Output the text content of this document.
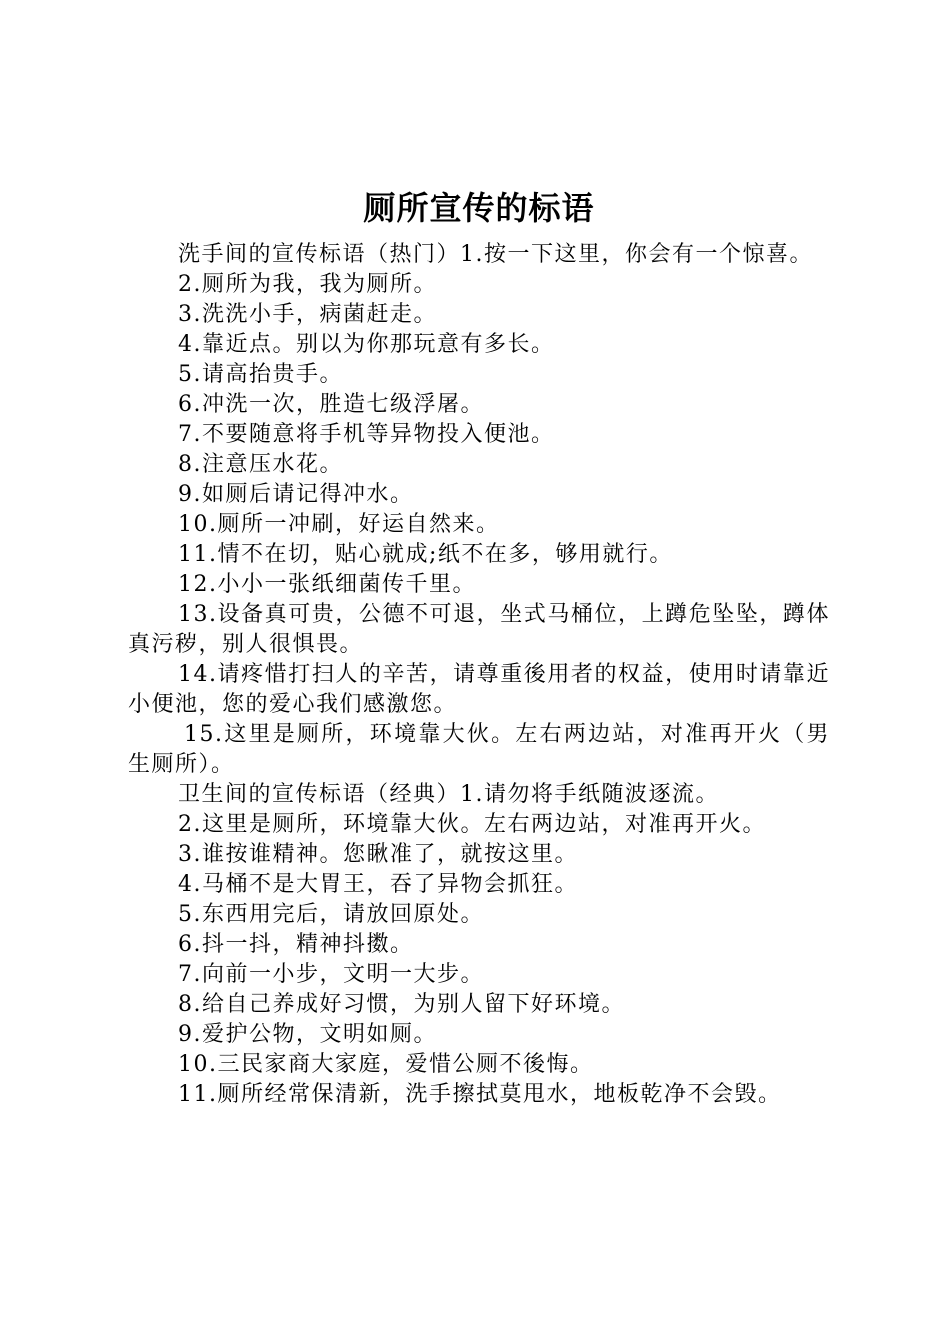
厕所宣传的标语

洗手间的宣传标语（热门）1.按一下这里，你会有一个惊喜。

2.厕所为我，我为厕所。

3.洗洗小手，病菌赶走。

4.靠近点。别以为你那玩意有多长。

5.请高抬贵手。

6.冲洗一次，胜造七级浮屠。

7.不要随意将手机等异物投入便池。

8.注意压水花。

9.如厕后请记得冲水。

10.厕所一冲刷，好运自然来。

11.情不在切，贴心就成;纸不在多，够用就行。

12.小小一张纸细菌传千里。

13.设备真可贵，公德不可退，坐式马桶位，上蹲危坠坠，蹲体真污秽，别人很惧畏。

14.请疼惜打扫人的辛苦，请尊重後用者的权益，使用时请靠近小便池，您的爱心我们感激您。

15.这里是厕所，环境靠大伙。左右两边站，对准再开火（男生厕所）。

卫生间的宣传标语（经典）1.请勿将手纸随波逐流。

2.这里是厕所，环境靠大伙。左右两边站，对准再开火。

3.谁按谁精神。您瞅准了，就按这里。

4.马桶不是大胃王，吞了异物会抓狂。

5.东西用完后，请放回原处。

6.抖一抖，精神抖擞。

7.向前一小步，文明一大步。

8.给自己养成好习惯，为别人留下好环境。

9.爱护公物，文明如厕。

10.三民家商大家庭，爱惜公厕不後悔。

11.厕所经常保清新，洗手擦拭莫甩水，地板乾净不会毁。
